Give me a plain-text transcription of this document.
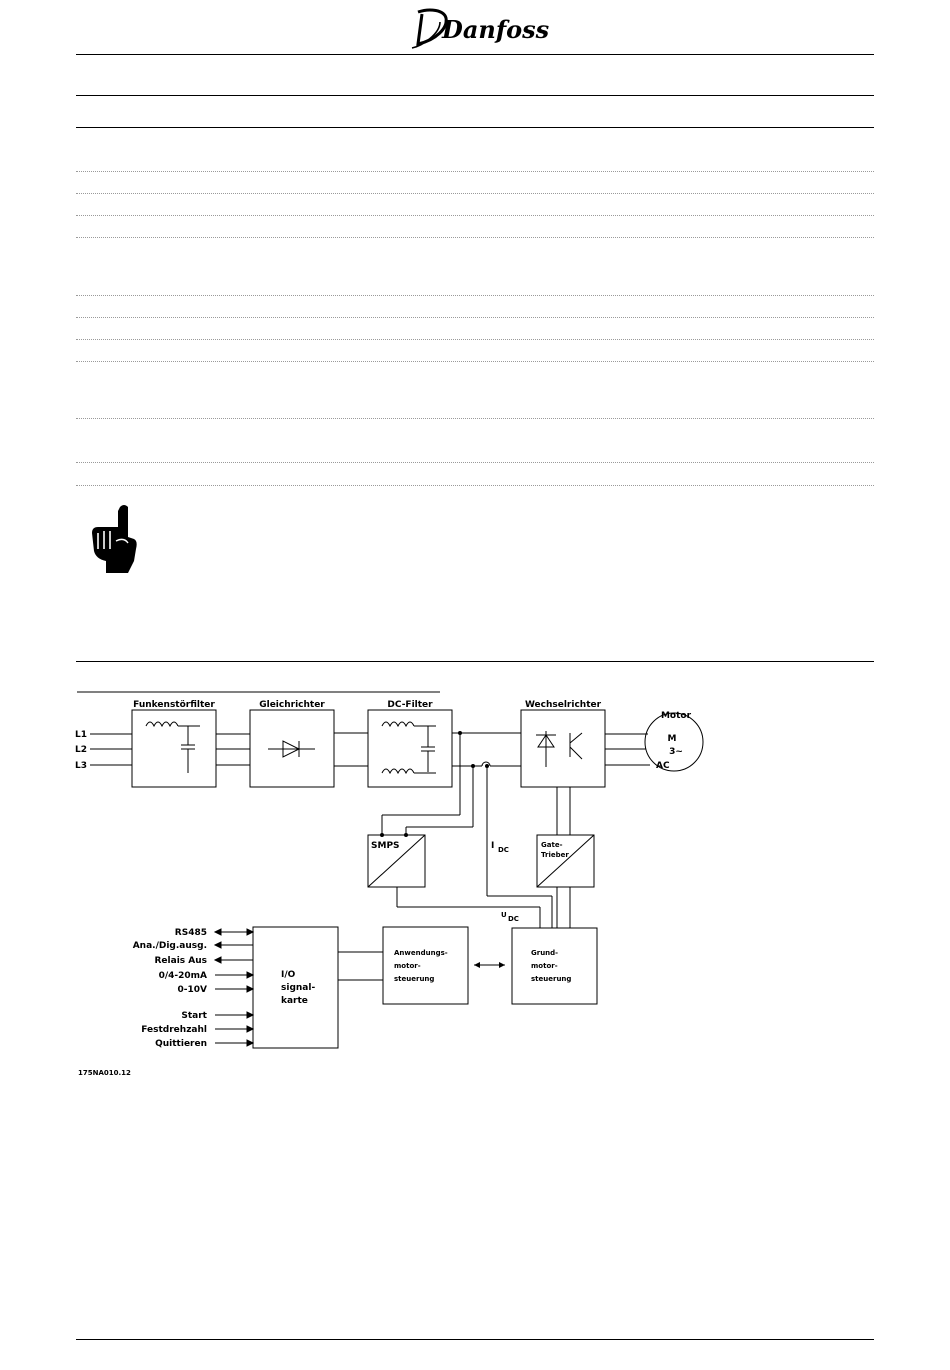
Danfoss
Funkenstörfilter	Gleichrichter	DC-Filter	Wechselrichter
Motor
M
3~
AC
L1
L2
L3
SMPS	Gate-
Trieber
I DC
U DC
I/O
signal-
karte
Anwendungs-
motor-
steuerung
Grund-
motor-
steuerung
RS485
Ana./Dig.ausg.
Relais Aus
0/4-20mA
0-10V
Start
Festdrehzahl
Quittieren
175NA010.12
